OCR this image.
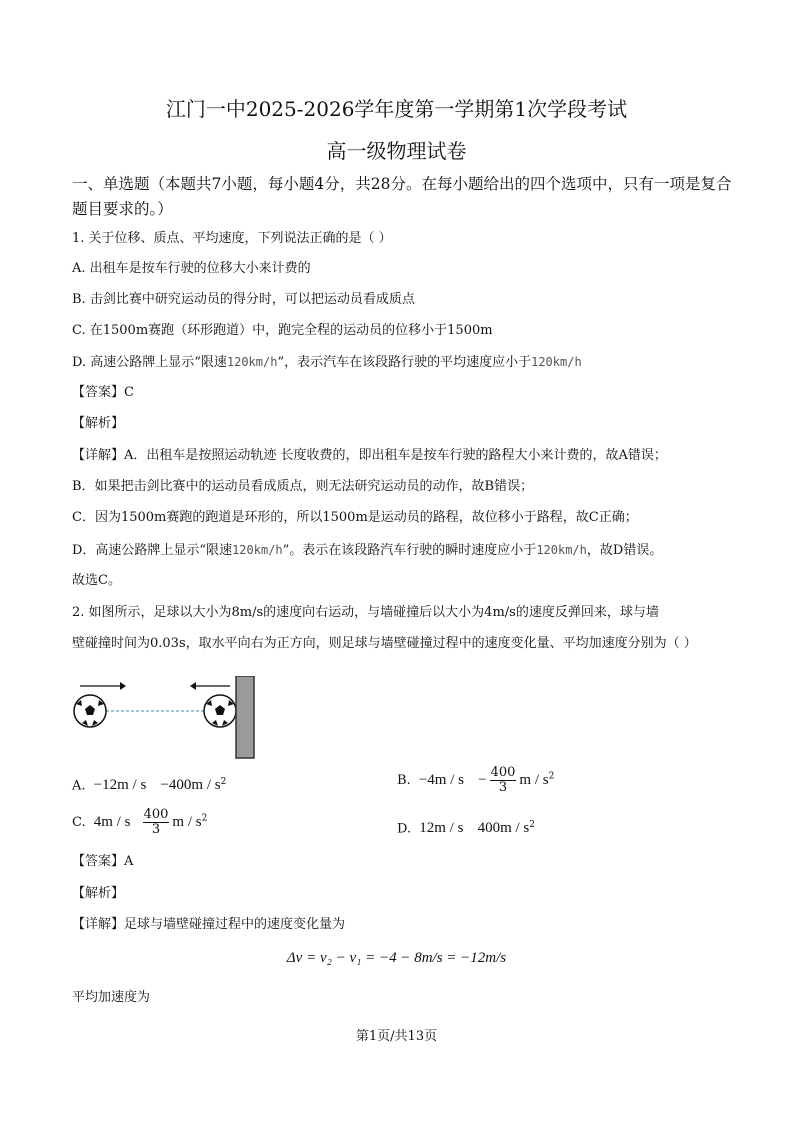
江门一中2025-2026学年度第一学期第1次学段考试
高一级物理试卷
一、单选题（本题共7小题，每小题4分，共28分。在每小题给出的四个选项中，只有一项是复合题目要求的。）
1. 关于位移、质点、平均速度，下列说法正确的是（ ）
A. 出租车是按车行驶的位移大小来计费的
B. 击剑比赛中研究运动员的得分时，可以把运动员看成质点
C. 在1500m赛跑（环形跑道）中，跑完全程的运动员的位移小于1500m
D. 高速公路牌上显示“限速120km/h”，表示汽车在该段路行驶的平均速度应小于120km/h
【答案】C
【解析】
【详解】A．出租车是按照运动轨迹 长度收费的，即出租车是按车行驶的路程大小来计费的，故A错误；
B．如果把击剑比赛中的运动员看成质点，则无法研究运动员的动作，故B错误；
C．因为1500m赛跑的跑道是环形的，所以1500m是运动员的路程，故位移小于路程，故C正确；
D．高速公路牌上显示“限速120km/h”。表示在该段路汽车行驶的瞬时速度应小于120km/h，故D错误。
故选C。
2. 如图所示，足球以大小为8m/s的速度向右运动，与墙碰撞后以大小为4m/s的速度反弹回来，球与墙
壁碰撞时间为0.03s，取水平向右为正方向，则足球与墙壁碰撞过程中的速度变化量、平均加速度分别为（ ）
A. $-12m / s -400m / s^2$	B. $-4m / s - \frac{400}{3}$ m / $s^2$
C. 4m / s $\frac{400}{3}$ m / $s^2$
D. 12m / s $400m / s^2$
【答案】A
【解析】
【详解】足球与墙壁碰撞过程中的速度变化量为
Δv = v₂ − v₁ = −4 − 8m/s = −12m/s
平均加速度为
第1页/共13页
